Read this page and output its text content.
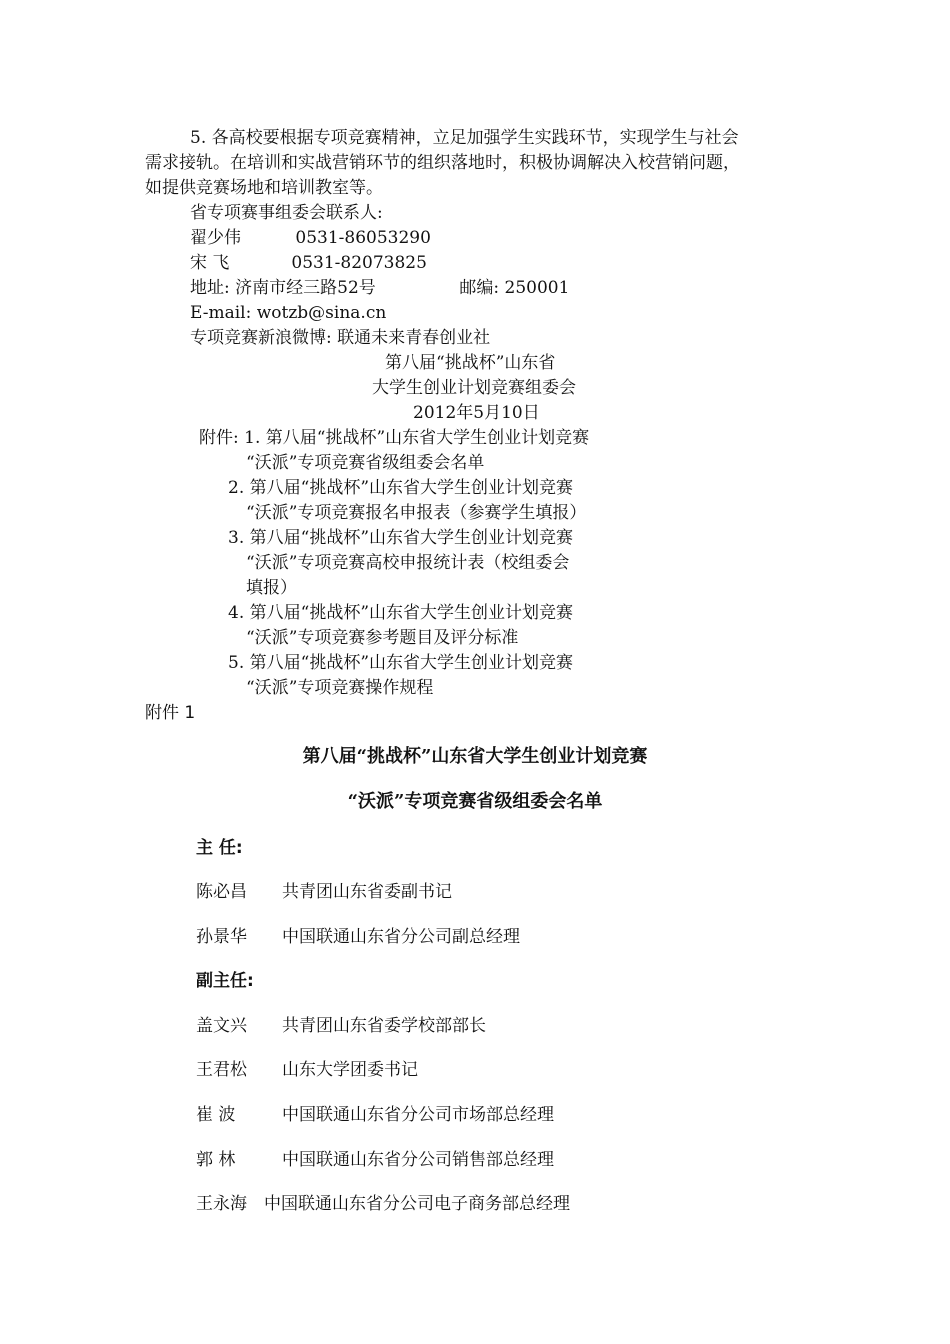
5. 各高校要根据专项竞赛精神，立足加强学生实践环节，实现学生与社会
需求接轨。在培训和实战营销环节的组织落地时，积极协调解决入校营销问题，
如提供竞赛场地和培训教室等。
省专项赛事组委会联系人:
翟少伟	0531-86053290
宋 飞	0531-82073825
地址: 济南市经三路52号	邮编: 250001
E-mail: wotzb@sina.cn
专项竞赛新浪微博: 联通未来青春创业社
第八届“挑战杯”山东省
大学生创业计划竞赛组委会
2012年5月10日
附件: 1. 第八届“挑战杯”山东省大学生创业计划竞赛
“沃派”专项竞赛省级组委会名单
2. 第八届“挑战杯”山东省大学生创业计划竞赛
“沃派”专项竞赛报名申报表（参赛学生填报）
3. 第八届“挑战杯”山东省大学生创业计划竞赛
“沃派”专项竞赛高校申报统计表（校组委会
填报）
4. 第八届“挑战杯”山东省大学生创业计划竞赛
“沃派”专项竞赛参考题目及评分标准
5. 第八届“挑战杯”山东省大学生创业计划竞赛
“沃派”专项竞赛操作规程
附件 1
第八届“挑战杯”山东省大学生创业计划竞赛
“沃派”专项竞赛省级组委会名单
主 任:
陈必昌 共青团山东省委副书记
孙景华 中国联通山东省分公司副总经理
副主任:
盖文兴 共青团山东省委学校部部长
王君松 山东大学团委书记
崔 波	中国联通山东省分公司市场部总经理
郭 林	中国联通山东省分公司销售部总经理
王永海 中国联通山东省分公司电子商务部总经理
